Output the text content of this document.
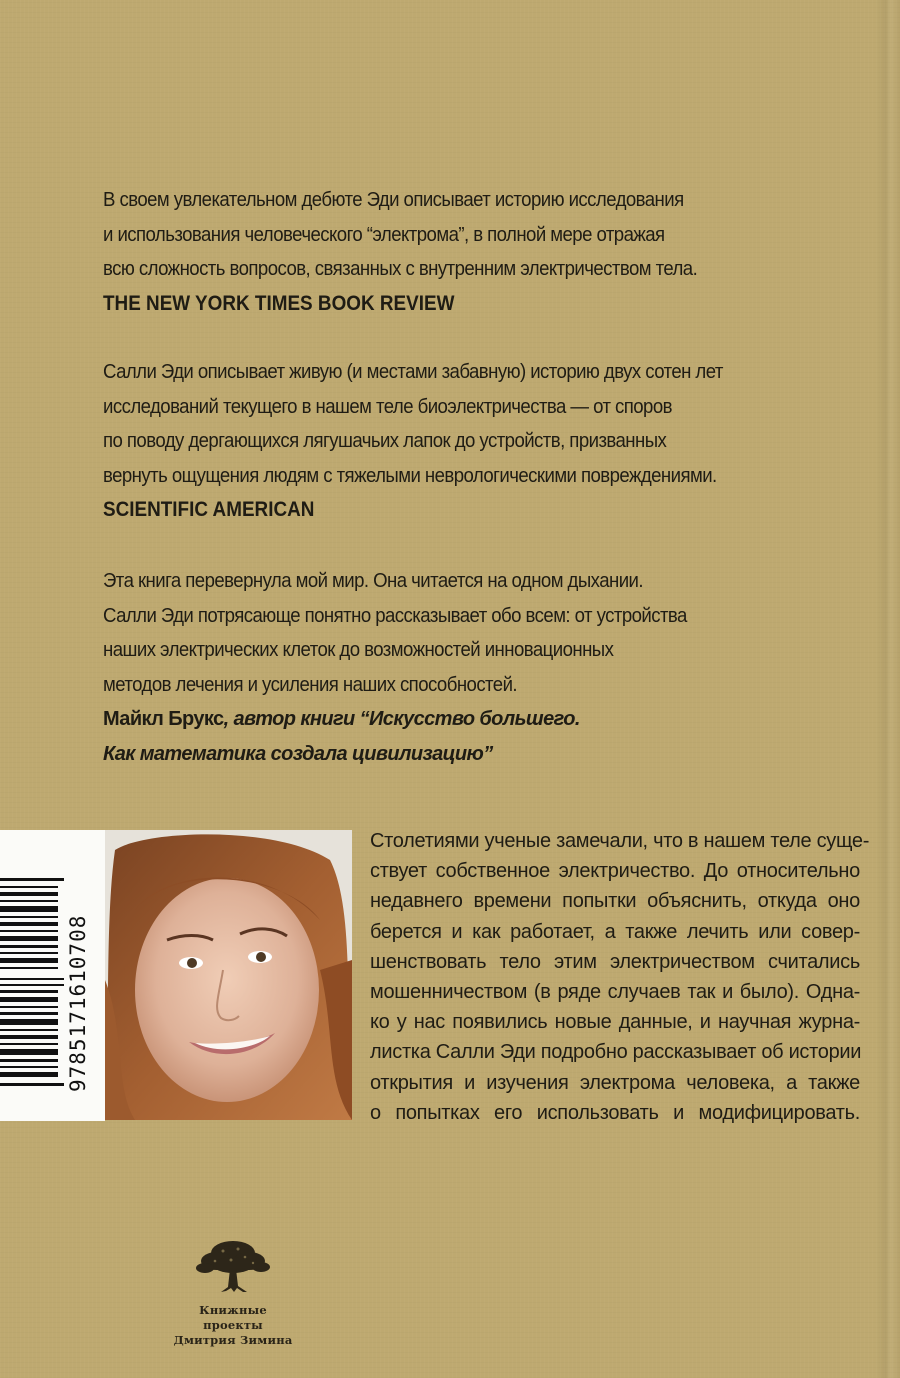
В своем увлекательном дебюте Эди описывает историю исследования
и использования человеческого “электрома”, в полной мере отражая
всю сложность вопросов, связанных с внутренним электричеством тела.
THE NEW YORK TIMES BOOK REVIEW
Салли Эди описывает живую (и местами забавную) историю двух сотен лет
исследований текущего в нашем теле биоэлектричества — от споров
по поводу дергающихся лягушачьих лапок до устройств, призванных
вернуть ощущения людям с тяжелыми неврологическими повреждениями.
SCIENTIFIC AMERICAN
Эта книга перевернула мой мир. Она читается на одном дыхании.
Салли Эди потрясающе понятно рассказывает обо всем: от устройства
наших электрических клеток до возможностей инновационных
методов лечения и усиления наших способностей.
Майкл Брукс, автор книги “Искусство большего.
Как математика создала цивилизацию”
9785171610708
Столетиями ученые замечали, что в нашем теле суще-
ствует собственное электричество. До относительно
недавнего времени попытки объяснить, откуда оно
берется и как работает, а также лечить или совер-
шенствовать тело этим электричеством считались
мошенничеством (в ряде случаев так и было). Одна-
ко у нас появились новые данные, и научная журна-
листка Салли Эди подробно рассказывает об истории
открытия и изучения электрома человека, а также
о попытках его использовать и модифицировать.
Книжные проекты
Дмитрия Зимина
